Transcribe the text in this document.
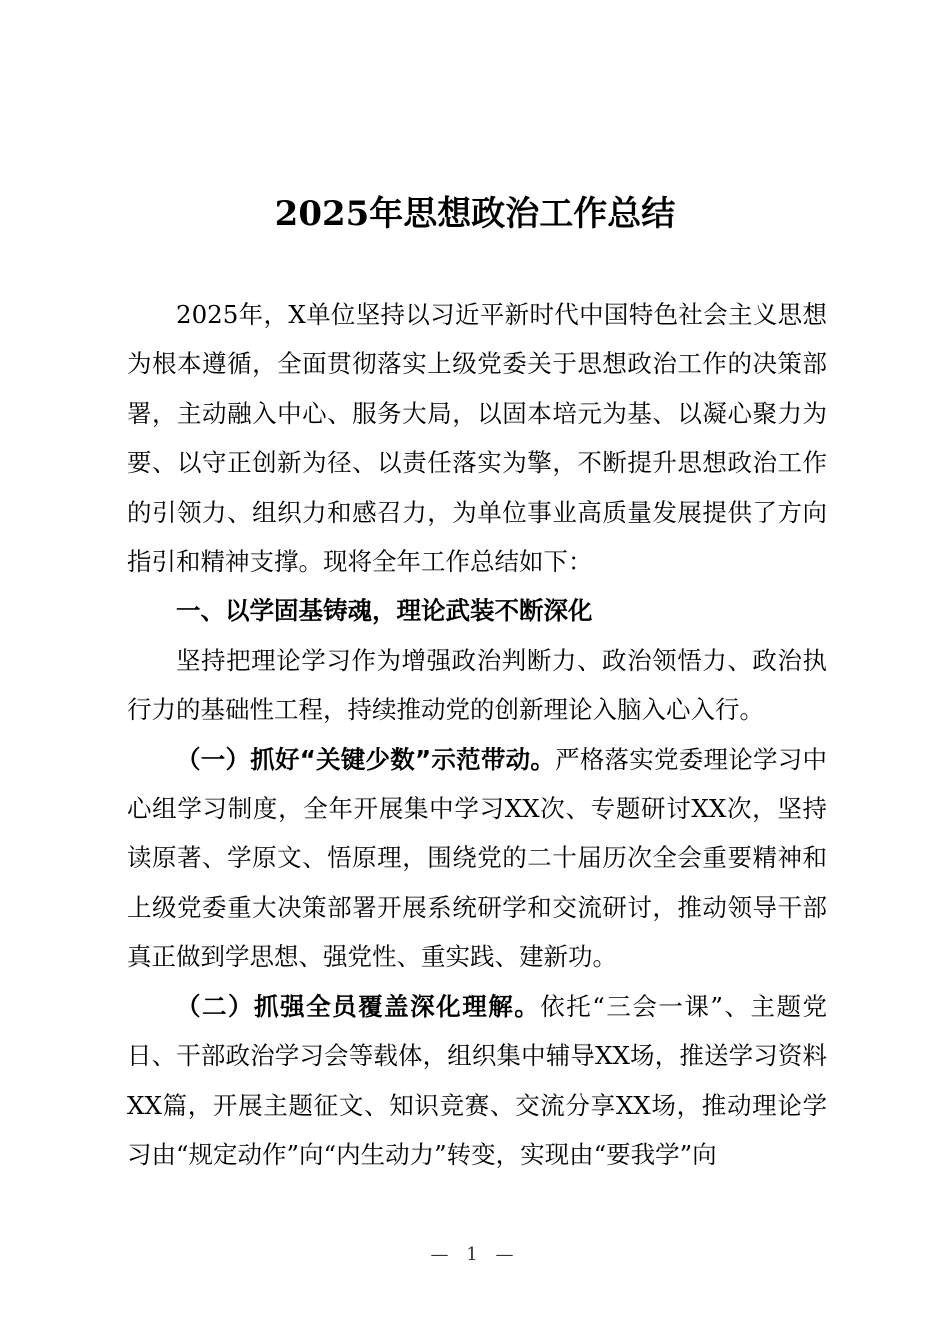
2025年思想政治工作总结

2025年，X单位坚持以习近平新时代中国特色社会主义思想为根本遵循，全面贯彻落实上级党委关于思想政治工作的决策部署，主动融入中心、服务大局，以固本培元为基、以凝心聚力为要、以守正创新为径、以责任落实为擎，不断提升思想政治工作的引领力、组织力和感召力，为单位事业高质量发展提供了方向指引和精神支撑。现将全年工作总结如下：

一、以学固基铸魂，理论武装不断深化

坚持把理论学习作为增强政治判断力、政治领悟力、政治执行力的基础性工程，持续推动党的创新理论入脑入心入行。

（一）抓好“关键少数”示范带动。严格落实党委理论学习中心组学习制度，全年开展集中学习XX次、专题研讨XX次，坚持读原著、学原文、悟原理，围绕党的二十届历次全会重要精神和上级党委重大决策部署开展系统研学和交流研讨，推动领导干部真正做到学思想、强党性、重实践、建新功。

（二）抓强全员覆盖深化理解。依托“三会一课”、主题党日、干部政治学习会等载体，组织集中辅导XX场，推送学习资料XX篇，开展主题征文、知识竞赛、交流分享XX场，推动理论学习由“规定动作”向“内生动力”转变，实现由“要我学”向

— 1 —
